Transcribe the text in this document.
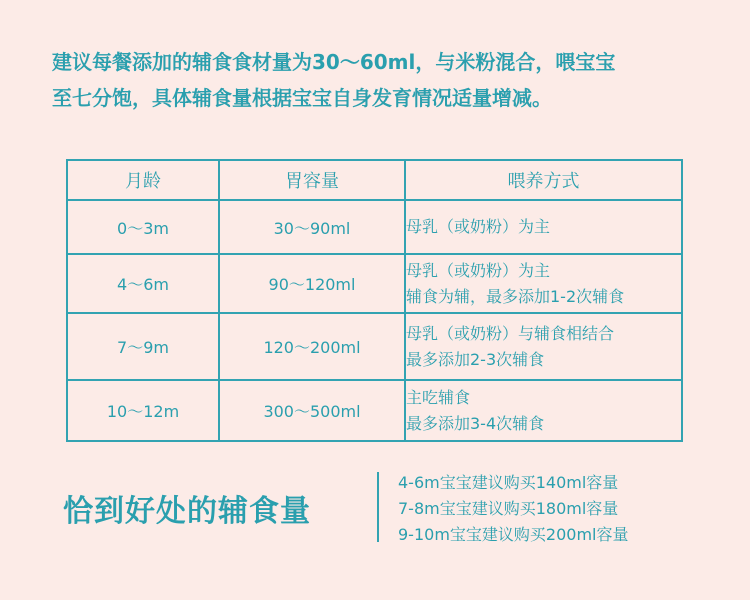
建议每餐添加的辅食食材量为30～60ml，与米粉混合，喂宝宝
至七分饱，具体辅食量根据宝宝自身发育情况适量增减。
月龄	胃容量	喂养方式
0～3m	30～90ml	母乳（或奶粉）为主

4～6m	90～120ml	母乳（或奶粉）为主
辅食为辅，最多添加1-2次辅食

7～9m	120～200ml	母乳（或奶粉）与辅食相结合
最多添加2-3次辅食

10～12m	300～500ml	主吃辅食
最多添加3-4次辅食
恰到好处的辅食量
4-6m宝宝建议购买140ml容量
7-8m宝宝建议购买180ml容量
9-10m宝宝建议购买200ml容量
